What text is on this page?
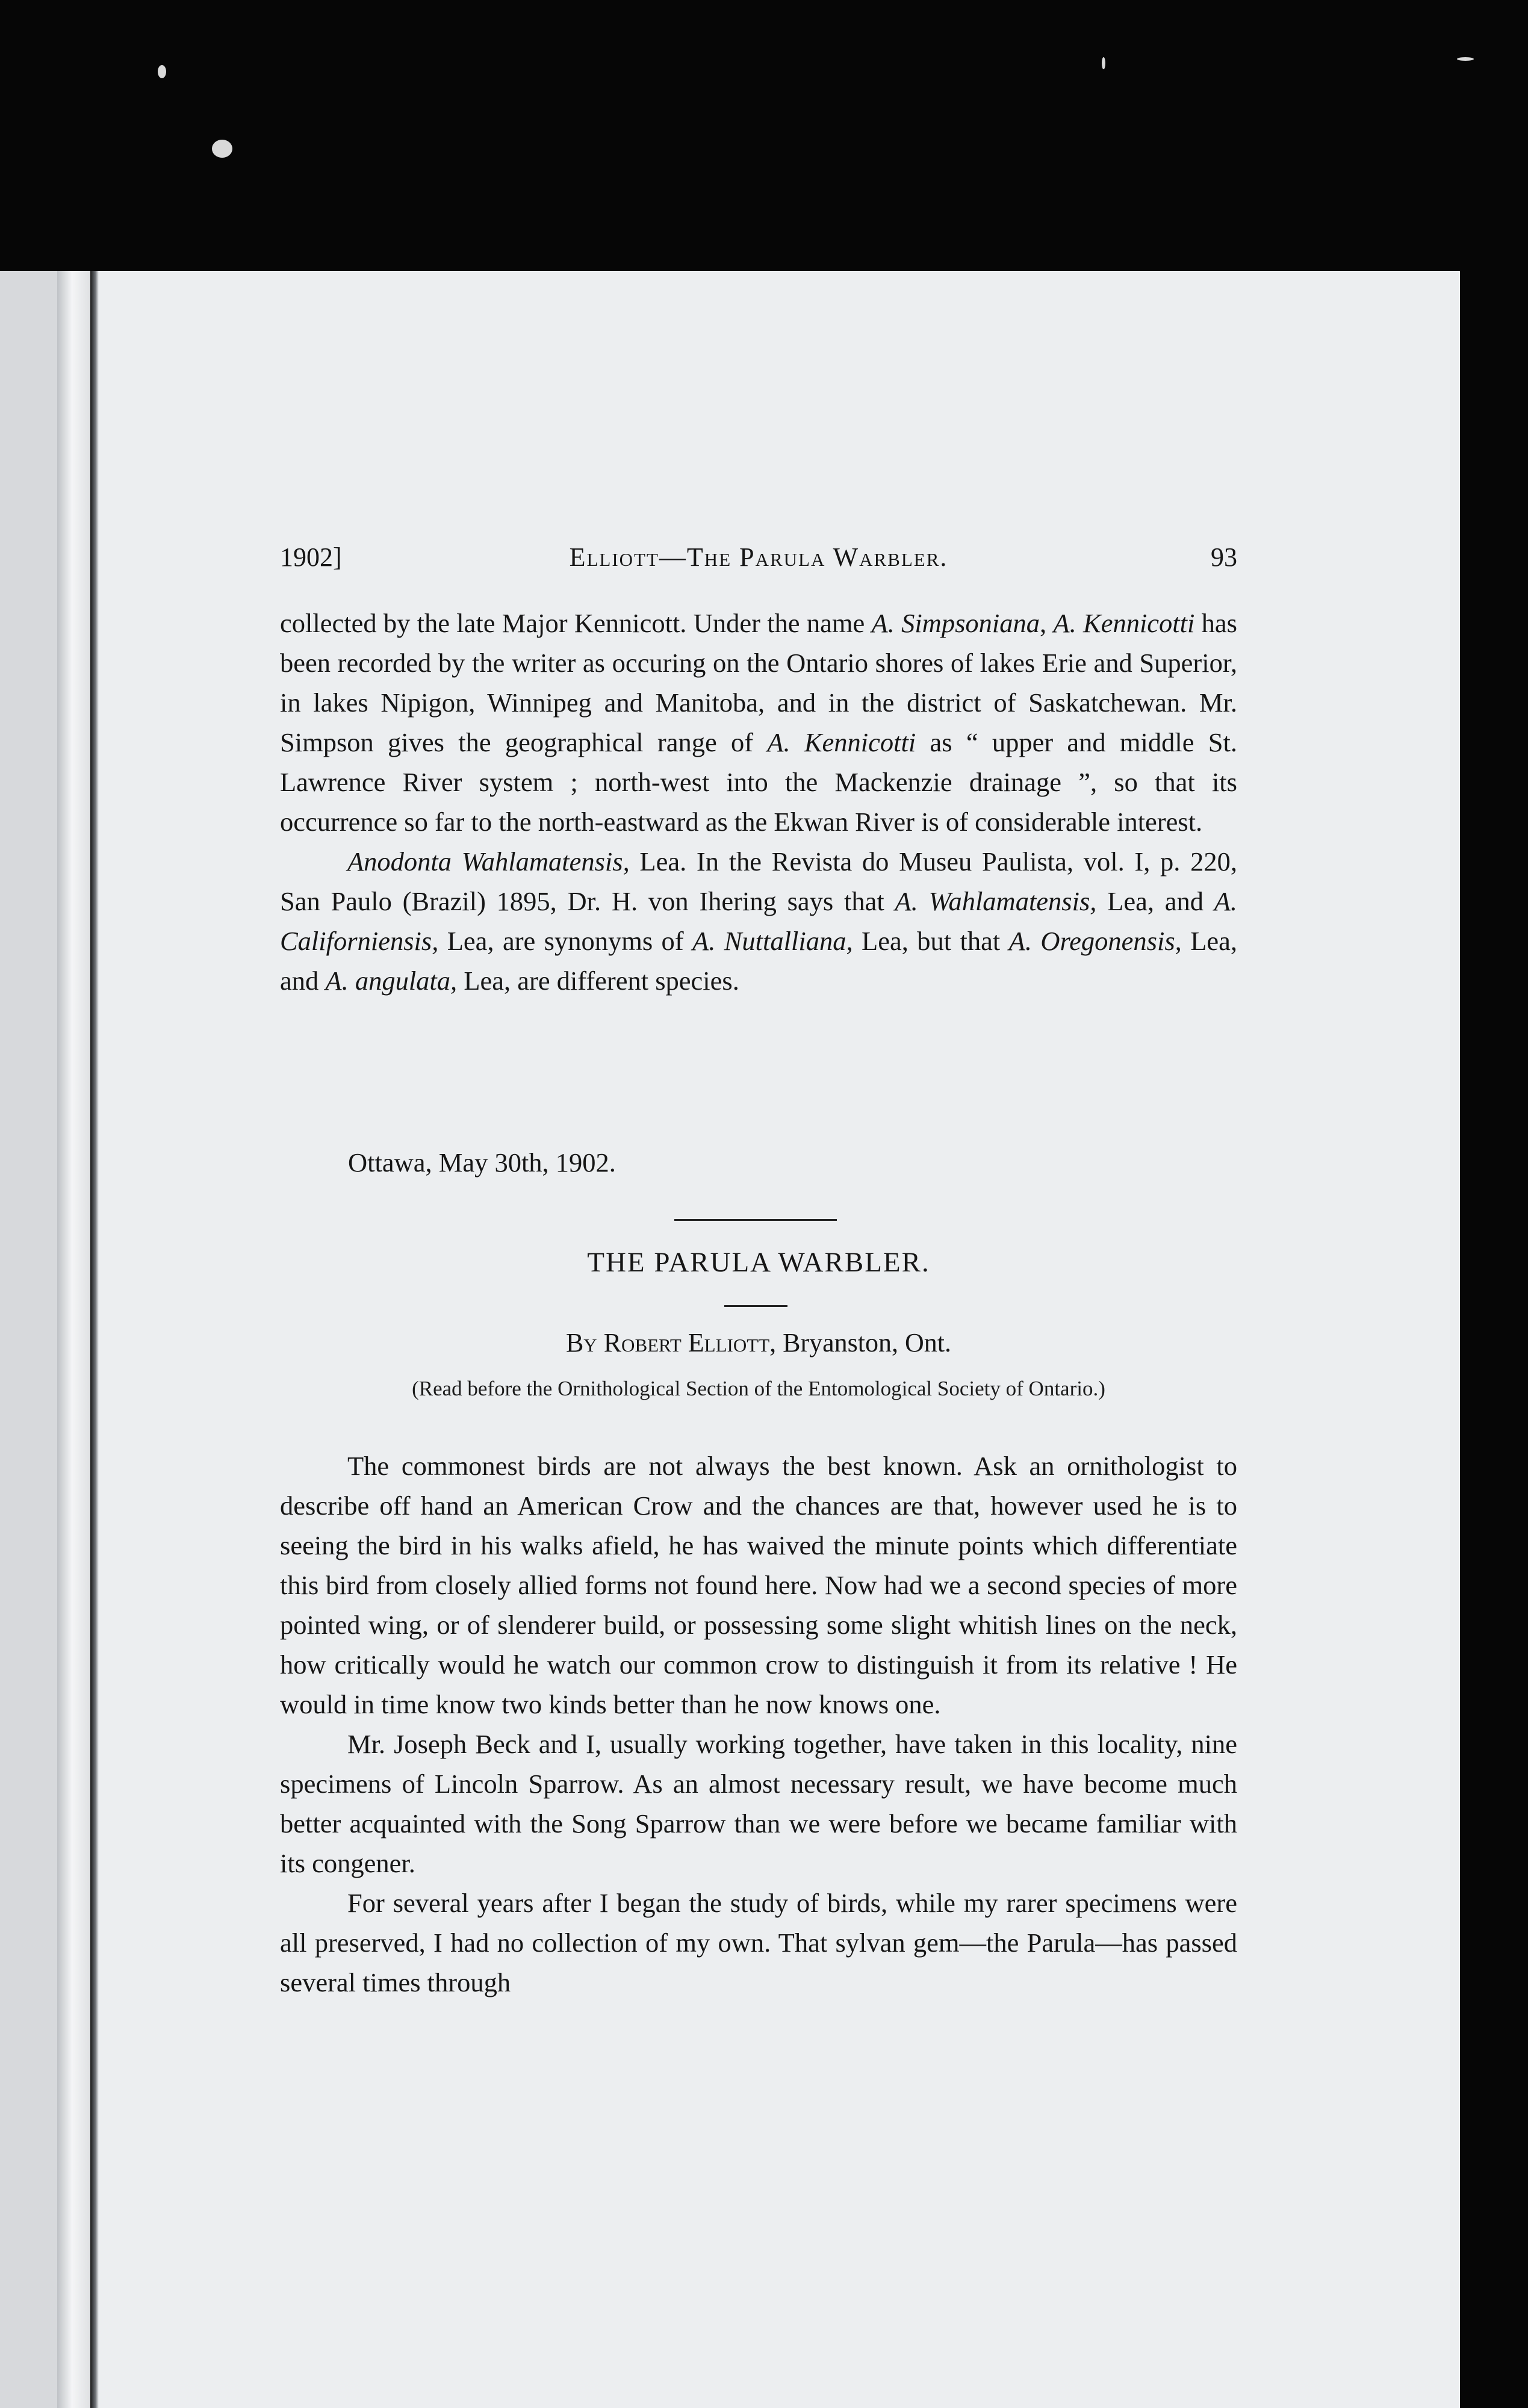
1902]	Elliott—The Parula Warbler.	93

collected by the late Major Kennicott. Under the name A. Simpsoniana, A. Kennicotti has been recorded by the writer as occuring on the Ontario shores of lakes Erie and Superior, in lakes Nipigon, Winnipeg and Manitoba, and in the district of Saskatchewan. Mr. Simpson gives the geographical range of A. Kennicotti as “ upper and middle St. Lawrence River system ; north-west into the Mackenzie drainage ”, so that its occurrence so far to the north-eastward as the Ekwan River is of considerable interest.

Anodonta Wahlamatensis, Lea. In the Revista do Museu Paulista, vol. I, p. 220, San Paulo (Brazil) 1895, Dr. H. von Ihering says that A. Wahlamatensis, Lea, and A. Californiensis, Lea, are synonyms of A. Nuttalliana, Lea, but that A. Oregonensis, Lea, and A. angulata, Lea, are different species.

Ottawa, May 30th, 1902.
THE PARULA WARBLER.
By Robert Elliott, Bryanston, Ont.
(Read before the Ornithological Section of the Entomological Society of Ontario.)

The commonest birds are not always the best known. Ask an ornithologist to describe off hand an American Crow and the chances are that, however used he is to seeing the bird in his walks afield, he has waived the minute points which differentiate this bird from closely allied forms not found here. Now had we a second species of more pointed wing, or of slenderer build, or possessing some slight whitish lines on the neck, how critically would he watch our common crow to distinguish it from its relative ! He would in time know two kinds better than he now knows one.

Mr. Joseph Beck and I, usually working together, have taken in this locality, nine specimens of Lincoln Sparrow. As an almost necessary result, we have become much better acquainted with the Song Sparrow than we were before we became familiar with its congener.

For several years after I began the study of birds, while my rarer specimens were all preserved, I had no collection of my own. That sylvan gem—the Parula—has passed several times through
